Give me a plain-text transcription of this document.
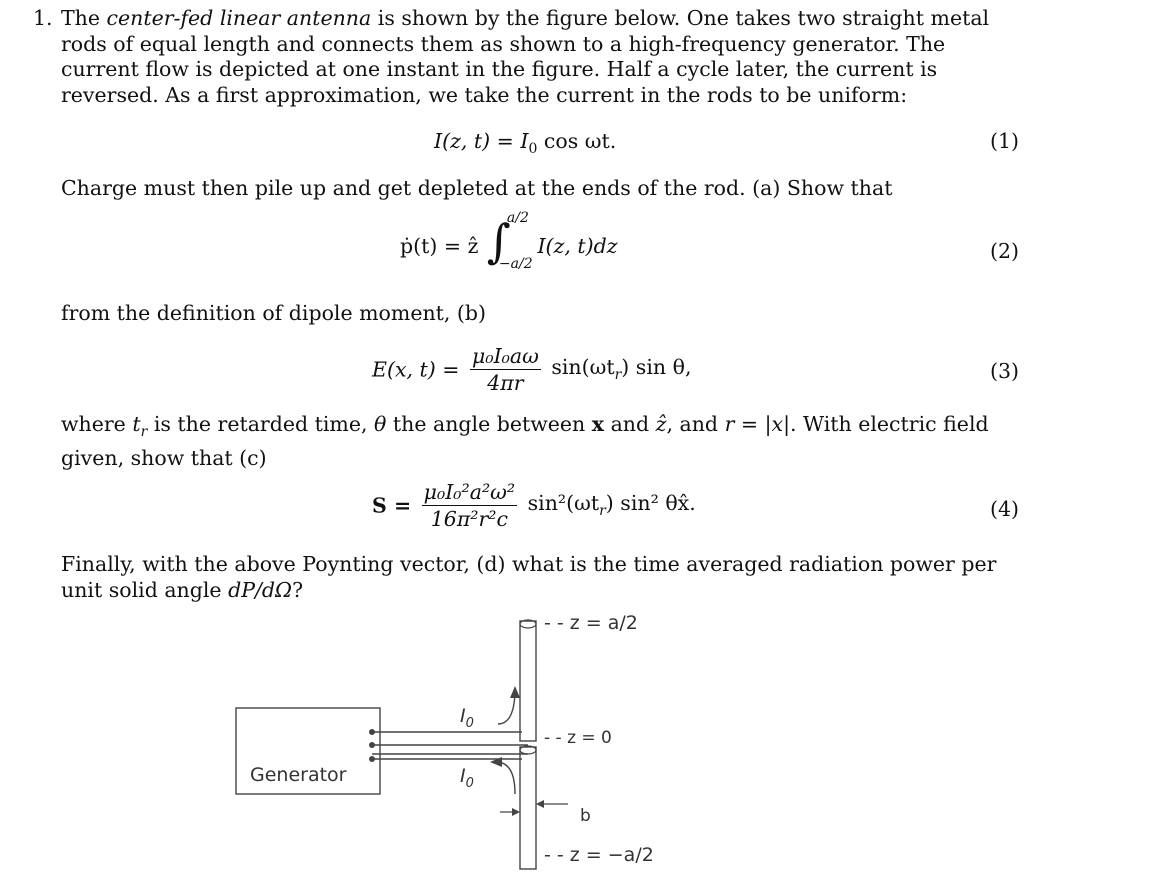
1. The center-fed linear antenna is shown by the figure below. One takes two straight metal rods of equal length and connects them as shown to a high-frequency generator. The current flow is depicted at one instant in the figure. Half a cycle later, the current is reversed. As a first approximation, we take the current in the rods to be uniform:
I(z, $t) = I_0$ cos ωt.	(1)
Charge must then pile up and get depleted at the ends of the rod. (a) Show that
ṗ(t) = ẑ ∫
a/2
−a/2
I(z, t)dz	(2)
from the definition of dipole moment, (b)
E(x, $t) = \frac{\text{μ₀I₀aω}}{4\pi r} \sin(\omega t_r)$ sin θ,	(3)
where $t_r$ is the retarded time, θ the angle between x and ẑ, and r = |x|. With electric field given, show that (c)
$S = \frac{\text{μ₀I₀²a²ω²}}{\text{16π²r²c}} \sin^2(\omega t_r)$ sin² θx̂.	(4)
Finally, with the above Poynting vector, (d) what is the time averaged radiation power per unit solid angle dP/dΩ?
Generator
$I_0$
$I_0$
b
- - z = a/2
- - z = 0
- - z = −a/2
